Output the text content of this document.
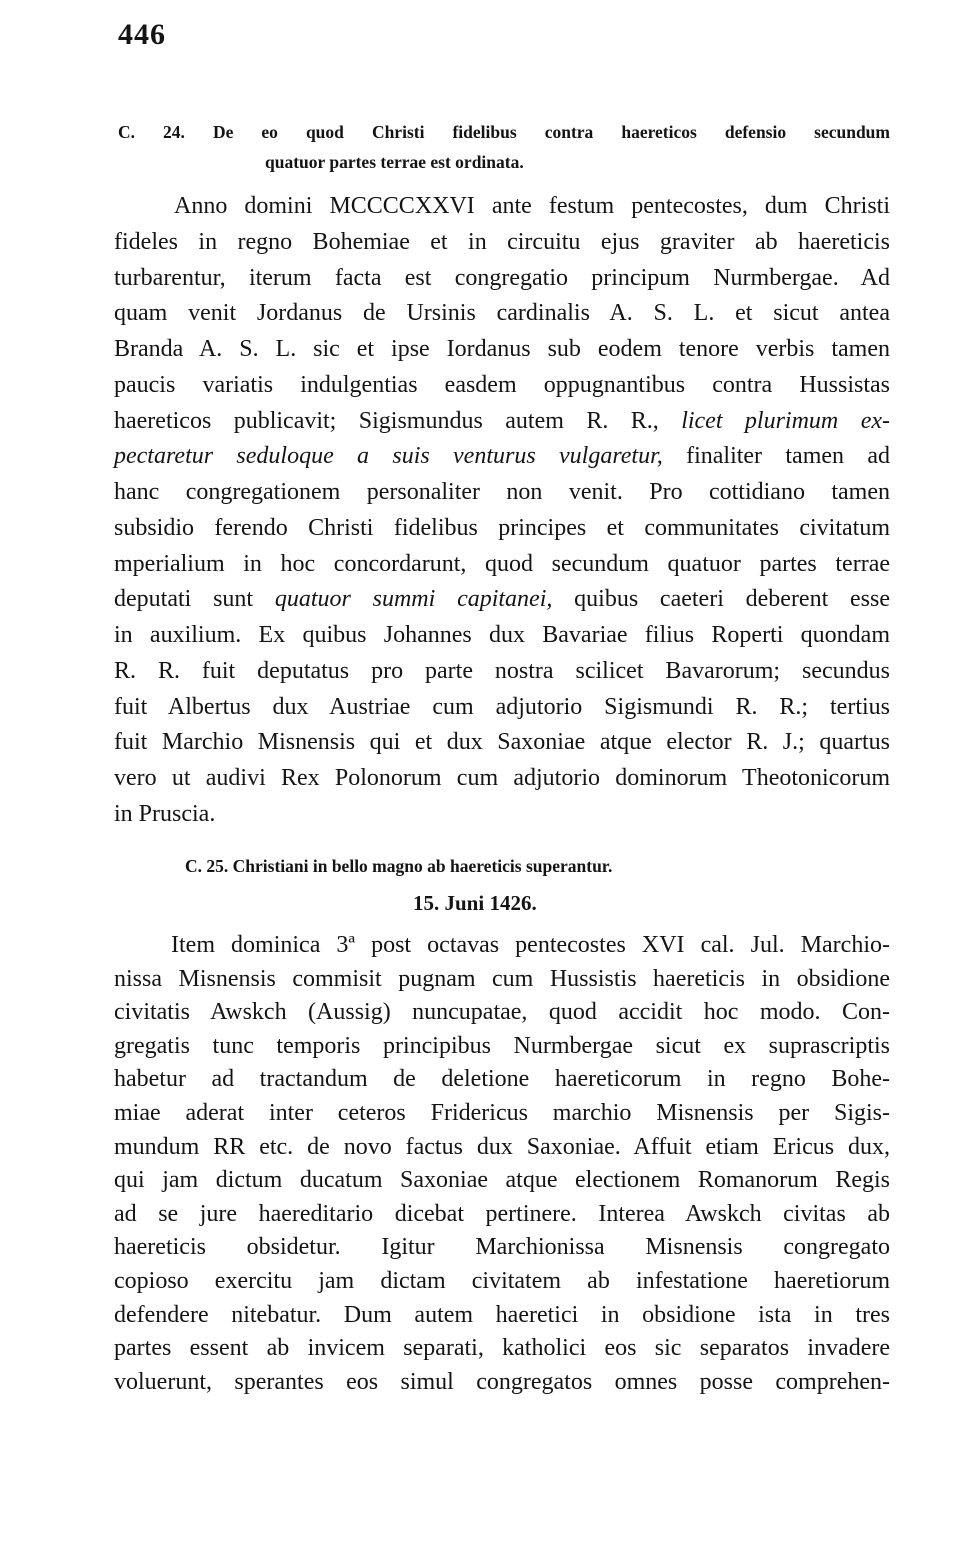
446
C. 24. De eo quod Christi fidelibus contra haereticos defensio secundum
quatuor partes terrae est ordinata.
Anno domini MCCCCXXVI ante festum pentecostes, dum Christi
fideles in regno Bohemiae et in circuitu ejus graviter ab haereticis
turbarentur, iterum facta est congregatio principum Nurmbergae. Ad
quam venit Jordanus de Ursinis cardinalis A. S. L. et sicut antea
Branda A. S. L. sic et ipse Iordanus sub eodem tenore verbis tamen
paucis variatis indulgentias easdem oppugnantibus contra Hussistas
haereticos publicavit; Sigismundus autem R. R., licet plurimum ex-
pectaretur seduloque a suis venturus vulgaretur, finaliter tamen ad
hanc congregationem personaliter non venit. Pro cottidiano tamen
subsidio ferendo Christi fidelibus principes et communitates civitatum
mperialium in hoc concordarunt, quod secundum quatuor partes terrae
deputati sunt quatuor summi capitanei, quibus caeteri deberent esse
in auxilium. Ex quibus Johannes dux Bavariae filius Roperti quondam
R. R. fuit deputatus pro parte nostra scilicet Bavarorum; secundus
fuit Albertus dux Austriae cum adjutorio Sigismundi R. R.; tertius
fuit Marchio Misnensis qui et dux Saxoniae atque elector R. J.; quartus
vero ut audivi Rex Polonorum cum adjutorio dominorum Theotonicorum
in Pruscia.
C. 25. Christiani in bello magno ab haereticis superantur.
15. Juni 1426.
Item dominica 3ª post octavas pentecostes XVI cal. Jul. Marchio-
nissa Misnensis commisit pugnam cum Hussistis haereticis in obsidione
civitatis Awskch (Aussig) nuncupatae, quod accidit hoc modo. Con-
gregatis tunc temporis principibus Nurmbergae sicut ex suprascriptis
habetur ad tractandum de deletione haereticorum in regno Bohe-
miae aderat inter ceteros Fridericus marchio Misnensis per Sigis-
mundum RR etc. de novo factus dux Saxoniae. Affuit etiam Ericus dux,
qui jam dictum ducatum Saxoniae atque electionem Romanorum Regis
ad se jure haereditario dicebat pertinere. Interea Awskch civitas ab
haereticis obsidetur. Igitur Marchionissa Misnensis congregato
copioso exercitu jam dictam civitatem ab infestatione haeretiorum
defendere nitebatur. Dum autem haeretici in obsidione ista in tres
partes essent ab invicem separati, katholici eos sic separatos invadere
voluerunt, sperantes eos simul congregatos omnes posse comprehen-
